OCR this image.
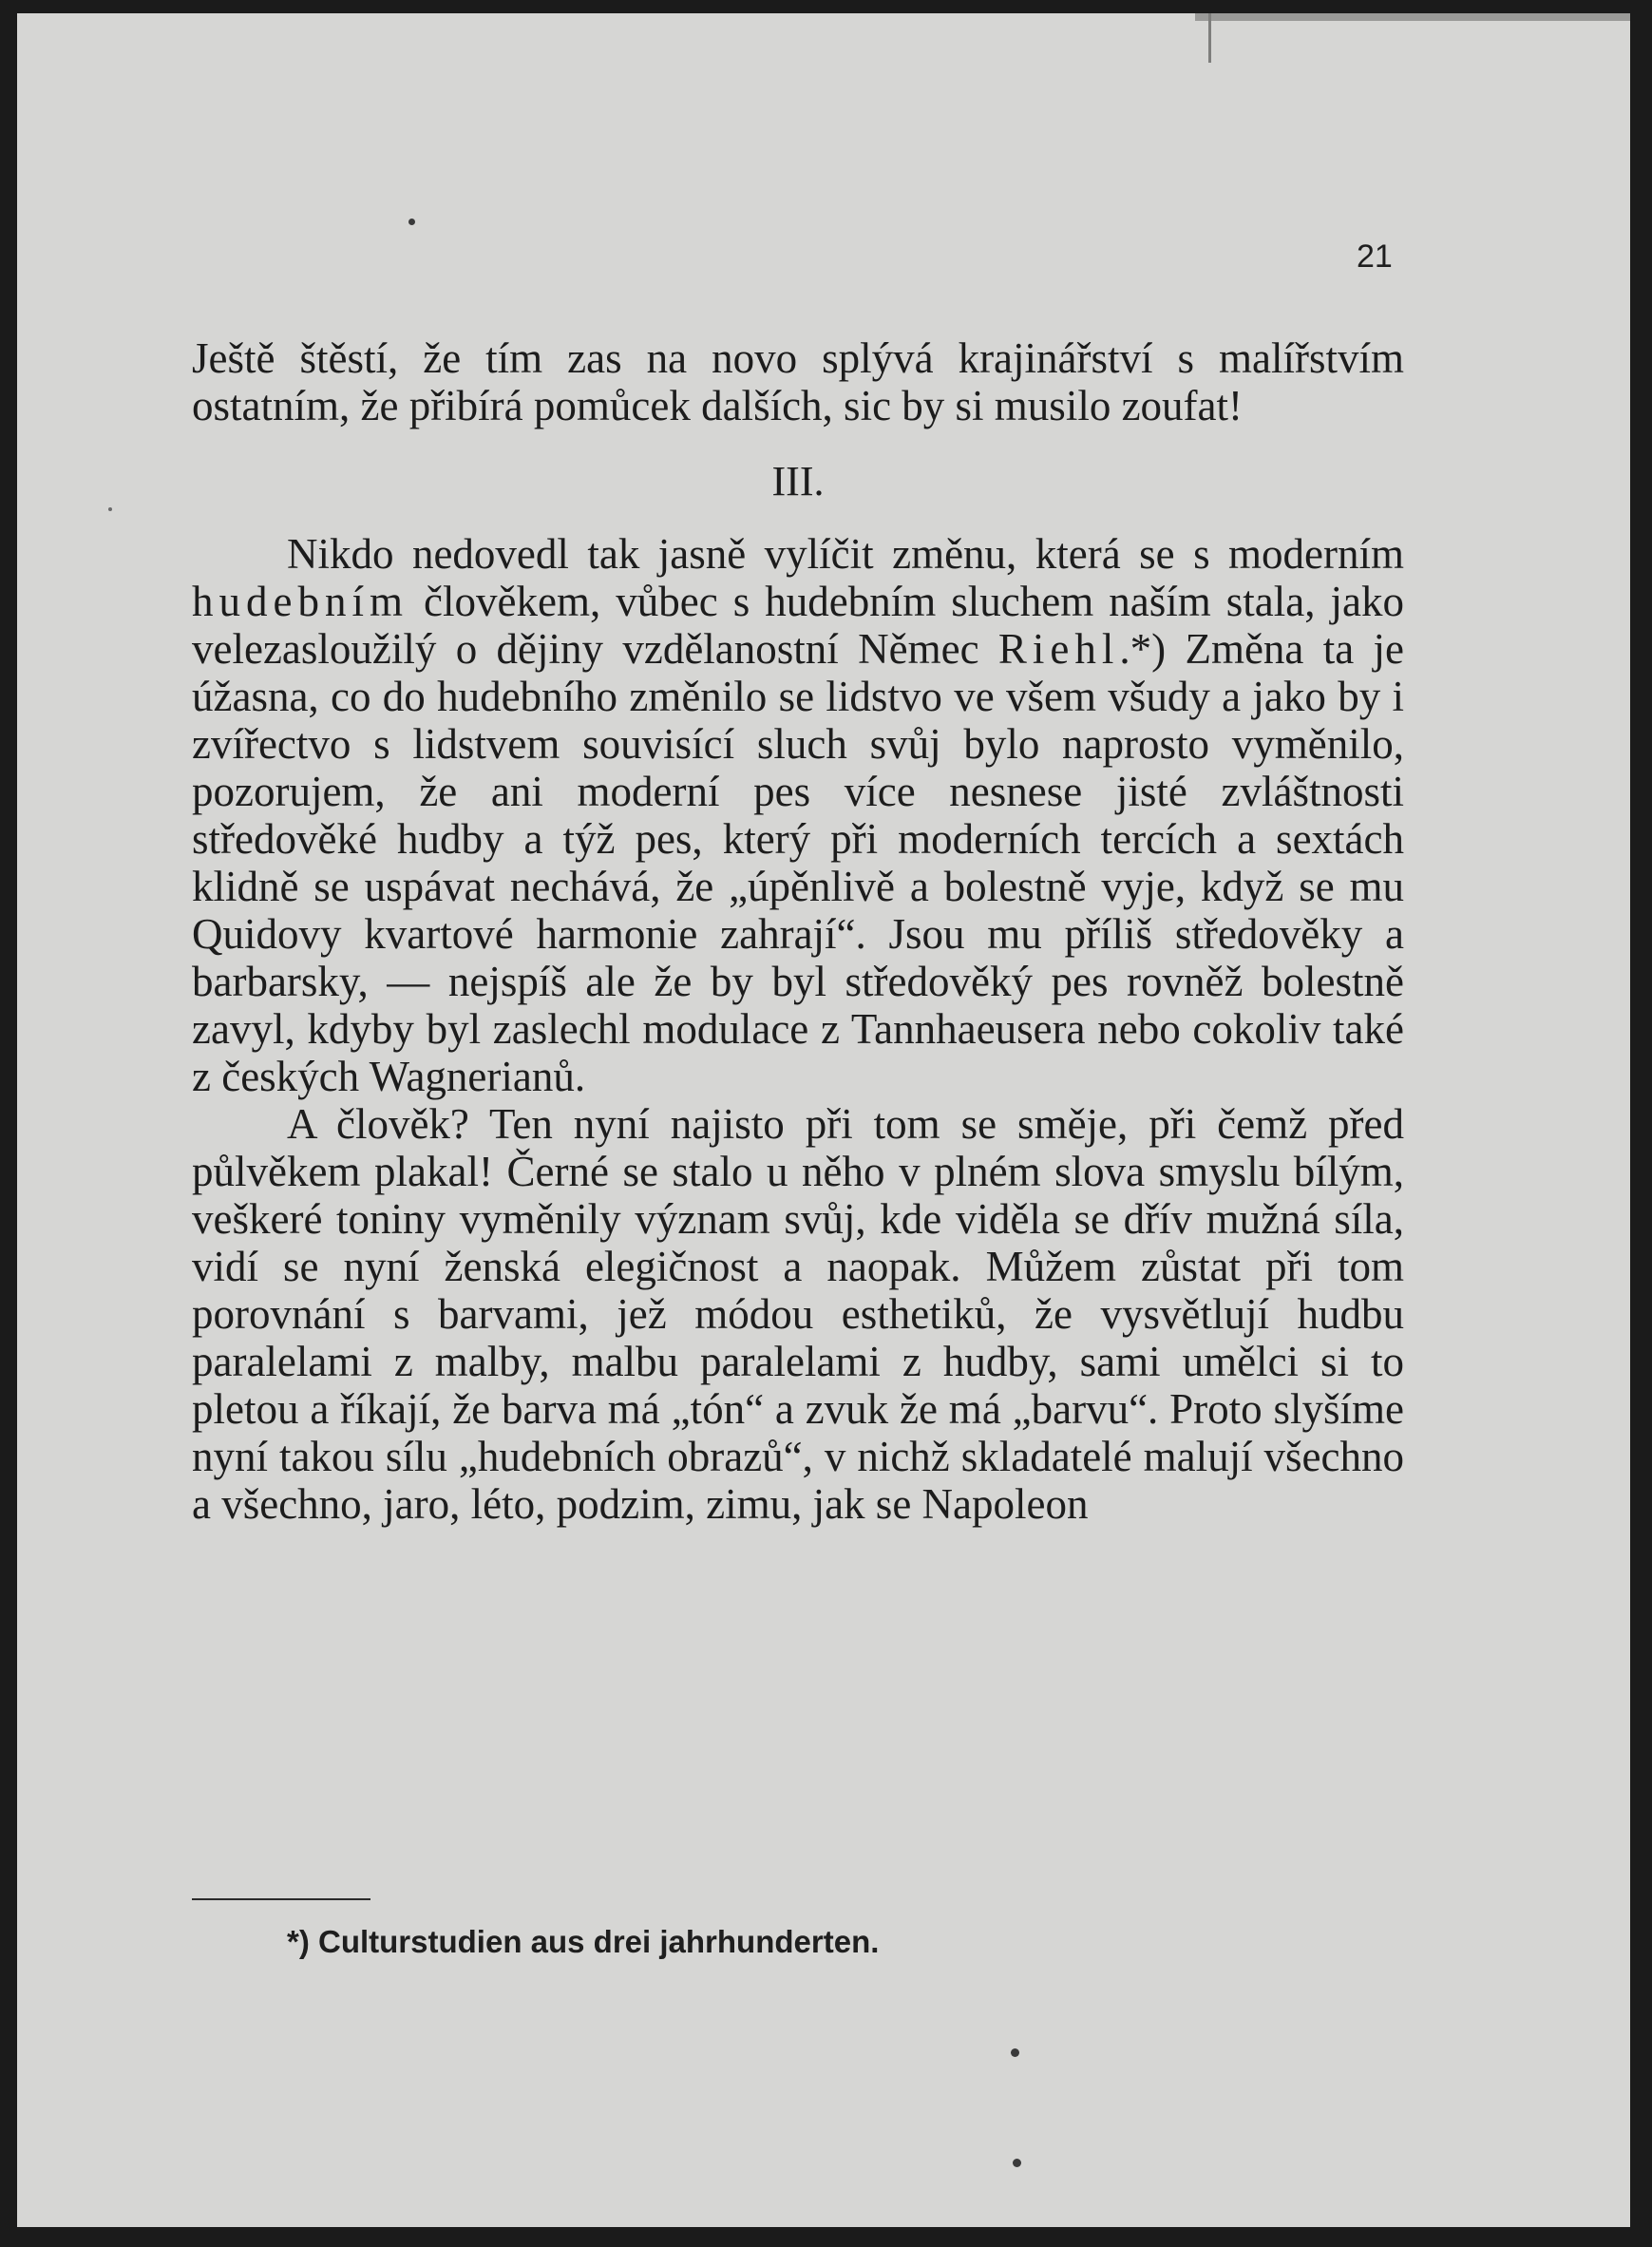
21

Ještě štěstí, že tím zas na novo splývá krajinářství s malířstvím ostatním, že přibírá pomůcek dalších, sic by si musilo zoufat!

III.

Nikdo nedovedl tak jasně vylíčit změnu, která se s moderním hudebním člověkem, vůbec s hudebním sluchem naším stala, jako velezasloužilý o dějiny vzdělanostní Němec Riehl.*) Změna ta je úžasna, co do hudebního změnilo se lidstvo ve všem všudy a jako by i zvířectvo s lidstvem souvisící sluch svůj bylo naprosto vyměnilo, pozorujem, že ani moderní pes více nesnese jisté zvláštnosti středověké hudby a týž pes, který při moderních tercích a sextách klidně se uspávat nechává, že „úpěnlivě a bolestně vyje, když se mu Quidovy kvartové harmonie zahrají“. Jsou mu příliš středověky a barbarsky, — nejspíš ale že by byl středověký pes rovněž bolestně zavyl, kdyby byl zaslechl modulace z Tannhaeusera nebo cokoliv také z českých Wagnerianů.

A člověk? Ten nyní najisto při tom se směje, při čemž před půlvěkem plakal! Černé se stalo u něho v plném slova smyslu bílým, veškeré toniny vyměnily význam svůj, kde viděla se dřív mužná síla, vidí se nyní ženská elegičnost a naopak. Můžem zůstat při tom porovnání s barvami, jež módou esthetiků, že vysvětlují hudbu paralelami z malby, malbu paralelami z hudby, sami umělci si to pletou a říkají, že barva má „tón“ a zvuk že má „barvu“. Proto slyšíme nyní takou sílu „hudebních obrazů“, v nichž skladatelé malují všechno a všechno, jaro, léto, podzim, zimu, jak se Napoleon

*) Culturstudien aus drei jahrhunderten.
